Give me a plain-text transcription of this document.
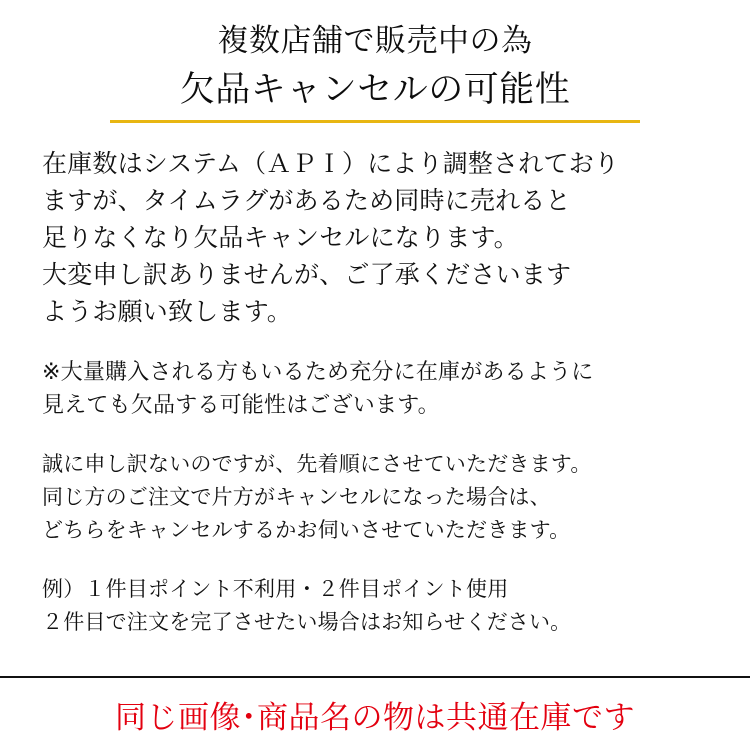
複数店舗で販売中の為
欠品キャンセルの可能性
在庫数はシステム（ＡＰＩ）により調整されており
ますが、タイムラグがあるため同時に売れると
足りなくなり欠品キャンセルになります。
大変申し訳ありませんが、ご了承くださいます
ようお願い致します。
※大量購入される方もいるため充分に在庫があるように
見えても欠品する可能性はございます。
誠に申し訳ないのですが、先着順にさせていただきます。
同じ方のご注文で片方がキャンセルになった場合は、
どちらをキャンセルするかお伺いさせていただきます。
例）１件目ポイント不利用・２件目ポイント使用
２件目で注文を完了させたい場合はお知らせください。
同じ画像･商品名の物は共通在庫です
